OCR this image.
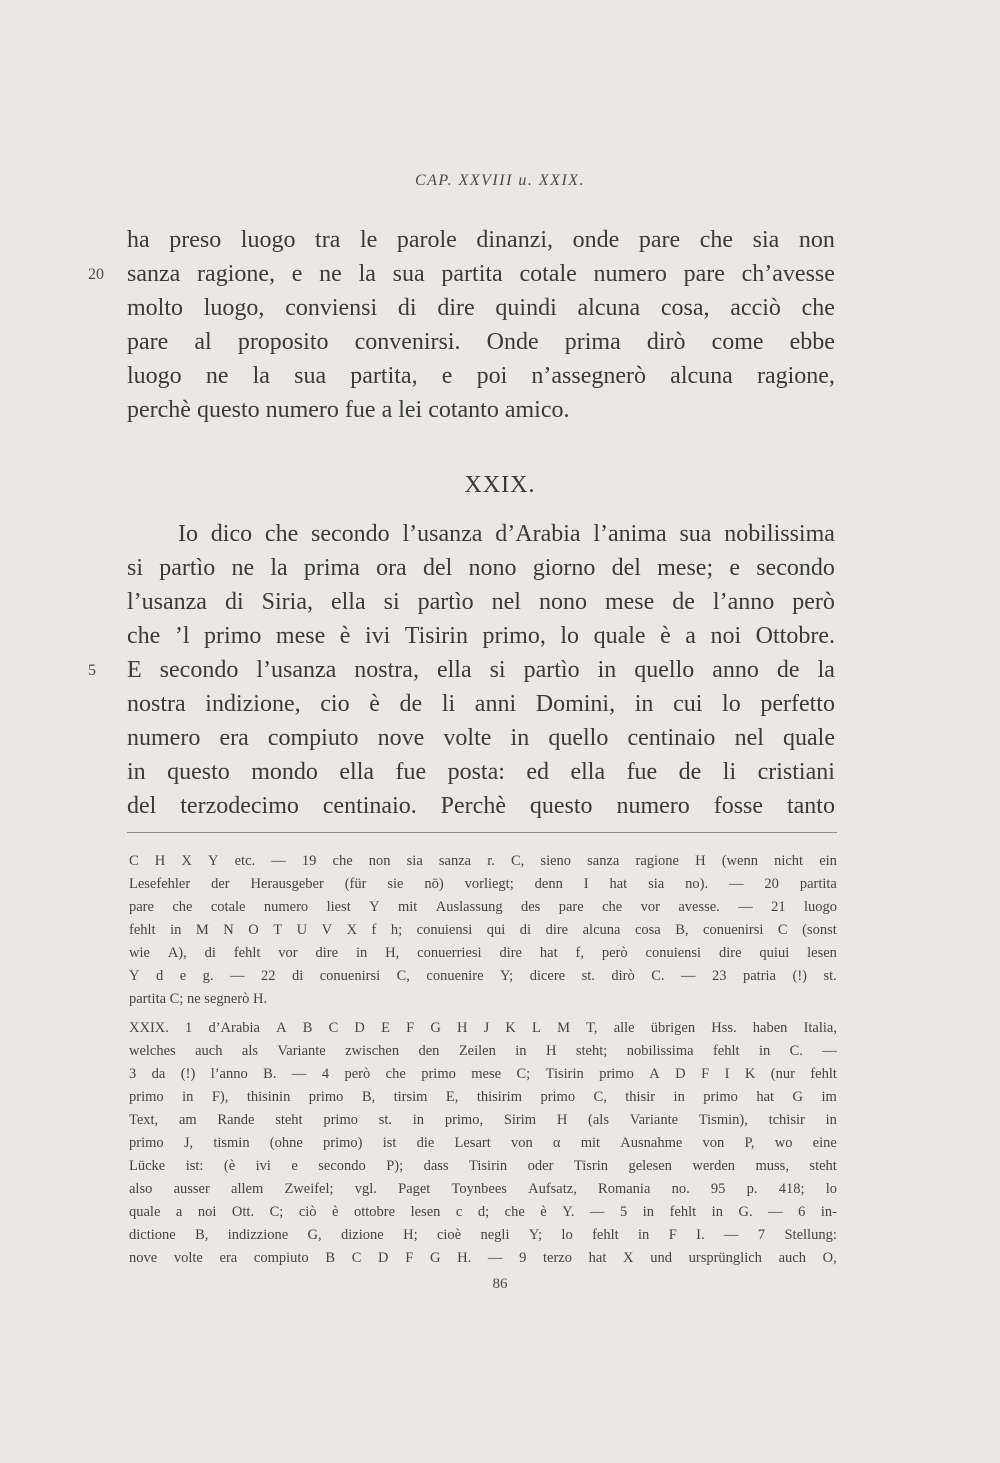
CAP. XXVIII u. XXIX.
ha preso luogo tra le parole dinanzi, onde pare che sia non
sanza ragione, e ne la sua partita cotale numero pare ch’avesse
molto luogo, conviensi di dire quindi alcuna cosa, acciò che
pare al proposito convenirsi. Onde prima dirò come ebbe
luogo ne la sua partita, e poi n’assegnerò alcuna ragione,
perchè questo numero fue a lei cotanto amico.
20
XXIX.
Io dico che secondo l’usanza d’Arabia l’anima sua nobilissima
si partìo ne la prima ora del nono giorno del mese; e secondo
l’usanza di Siria, ella si partìo nel nono mese de l’anno però
che ’l primo mese è ivi Tisirin primo, lo quale è a noi Ottobre.
E secondo l’usanza nostra, ella si partìo in quello anno de la
nostra indizione, cio è de li anni Domini, in cui lo perfetto
numero era compiuto nove volte in quello centinaio nel quale
in questo mondo ella fue posta: ed ella fue de li cristiani
del terzodecimo centinaio. Perchè questo numero fosse tanto
5
C H X Y etc. — 19 che non sia sanza r. C, sieno sanza ragione H (wenn nicht ein
Lesefehler der Herausgeber (für sie nō) vorliegt; denn I hat sia no). — 20 partita
pare che cotale numero liest Y mit Auslassung des pare che vor avesse. — 21 luogo
fehlt in M N O T U V X f h; conuiensi qui di dire alcuna cosa B, conuenirsi C (sonst
wie A), di fehlt vor dire in H, conuerriesi dire hat f, però conuiensi dire quiui lesen
Y d e g. — 22 di conuenirsi C, conuenire Y; dicere st. dirò C. — 23 patria (!) st.
partita C; ne segnerò H.
XXIX. 1 d’Arabia A B C D E F G H J K L M T, alle übrigen Hss. haben Italia,
welches auch als Variante zwischen den Zeilen in H steht; nobilissima fehlt in C. —
3 da (!) l’anno B. — 4 però che primo mese C; Tisirin primo A D F I K (nur fehlt
primo in F), thisinin primo B, tirsim E, thisirim primo C, thisir in primo hat G im
Text, am Rande steht primo st. in primo, Sirim H (als Variante Tismin), tchisir in
primo J, tismin (ohne primo) ist die Lesart von α mit Ausnahme von P, wo eine
Lücke ist: (è ivi e secondo P); dass Tisirin oder Tisrin gelesen werden muss, steht
also ausser allem Zweifel; vgl. Paget Toynbees Aufsatz, Romania no. 95 p. 418; lo
quale a noi Ott. C; ciò è ottobre lesen c d; che è Y. — 5 in fehlt in G. — 6 in-
dictione B, indizzione G, dizione H; cioè negli Y; lo fehlt in F I. — 7 Stellung:
nove volte era compiuto B C D F G H. — 9 terzo hat X und ursprünglich auch O,
86
